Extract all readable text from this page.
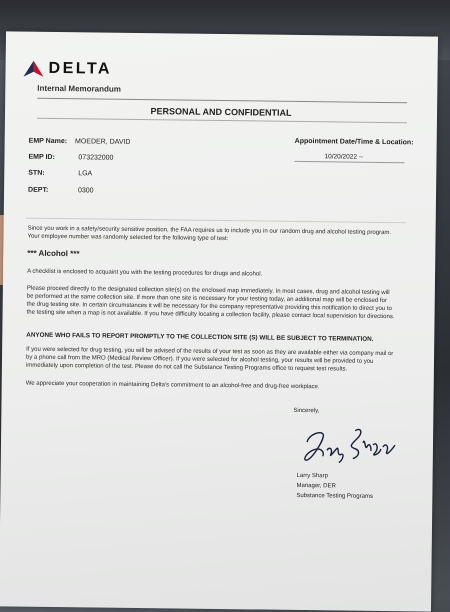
DELTA
Internal Memorandum
PERSONAL AND CONFIDENTIAL
EMP Name: MOEDER, DAVID
EMP ID:	073232000
STN:	LGA
DEPT:	0300
Appointment Date/Time & Location:
10/20/2022 --
Since you work in a safety/security sensitive position, the FAA requires us to include you in our random drug and alcohol testing program. Your employee number was randomly selected for the following type of test:
*** Alcohol ***
A checklist is enclosed to acquaint you with the testing procedures for drugs and alcohol.
Please proceed directly to the designated collection site(s) on the enclosed map immediately. In most cases, drug and alcohol testing will be performed at the same collection site. If more than one site is necessary for your testing today, an additional map will be enclosed for the drug testing site. In certain circumstances it will be necessary for the company representative providing this notification to direct you to the testing site when a map is not available. If you have difficulty locating a collection facility, please contact local supervision for directions.
ANYONE WHO FAILS TO REPORT PROMPTLY TO THE COLLECTION SITE (S) WILL BE SUBJECT TO TERMINATION.
If you were selected for drug testing, you will be advised of the results of your test as soon as they are available either via company mail or by a phone call from the MRO (Medical Review Officer). If you were selected for alcohol testing, your results will be provided to you immediately upon completion of the test. Please do not call the Substance Testing Programs office to request test results.
We appreciate your cooperation in maintaining Delta's commitment to an alcohol-free and drug-free workplace.
Sincerely,
Larry Sharp
Manager, DER
Substance Testing Programs
